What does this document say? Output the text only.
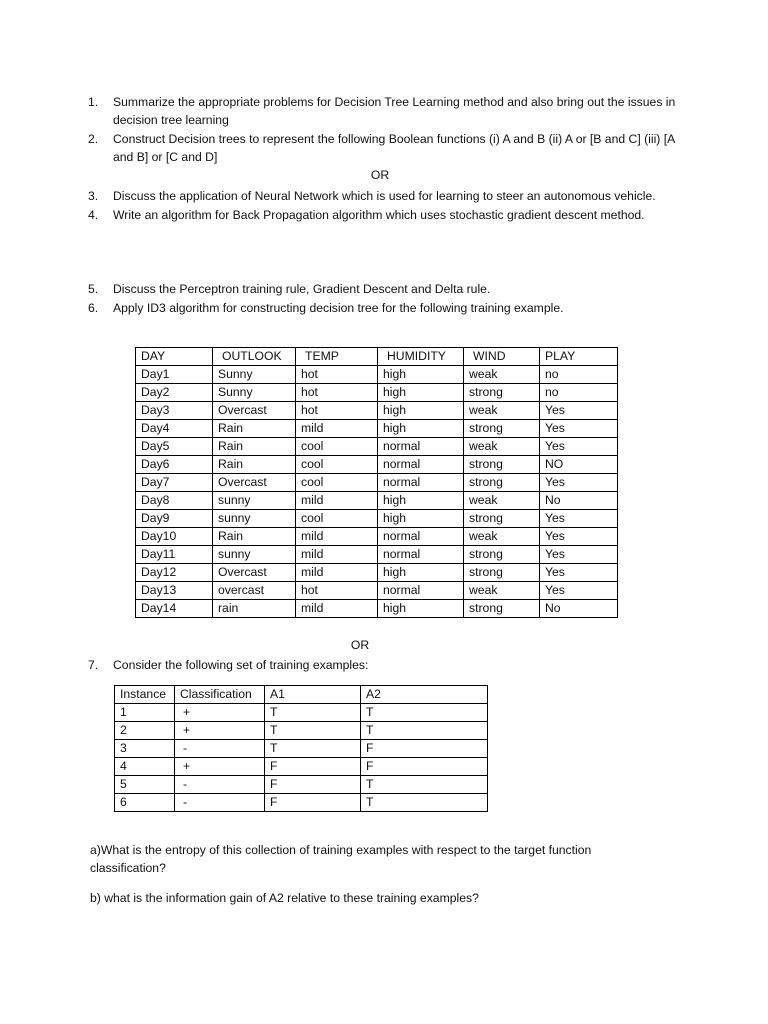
1. Summarize the appropriate problems for Decision Tree Learning method and also bring out the issues in decision tree learning
2. Construct Decision trees to represent the following Boolean functions (i) A and B (ii) A or [B and C] (iii) [A and B] or [C and D]
OR
3. Discuss the application of Neural Network which is used for learning to steer an autonomous vehicle.
4. Write an algorithm for Back Propagation algorithm which uses stochastic gradient descent method.
5. Discuss the Perceptron training rule, Gradient Descent and Delta rule.
6. Apply ID3 algorithm for constructing decision tree for the following training example.
DAY	OUTLOOK	TEMP	HUMIDITY	WIND	PLAY
Day1	Sunny	hot	high	weak	no
Day2	Sunny	hot	high	strong	no
Day3	Overcast	hot	high	weak	Yes
Day4	Rain	mild	high	strong	Yes
Day5	Rain	cool	normal	weak	Yes
Day6	Rain	cool	normal	strong	NO
Day7	Overcast	cool	normal	strong	Yes
Day8	sunny	mild	high	weak	No
Day9	sunny	cool	high	strong	Yes
Day10	Rain	mild	normal	weak	Yes
Day11	sunny	mild	normal	strong	Yes
Day12	Overcast	mild	high	strong	Yes
Day13	overcast	hot	normal	weak	Yes
Day14	rain	mild	high	strong	No
OR
7. Consider the following set of training examples:
Instance	Classification	A1	A2
1	+	T	T
2	+	T	T
3	-	T	F
4	+	F	F
5	-	F	T
6	-	F	T
a)What is the entropy of this collection of training examples with respect to the target function classification?
b) what is the information gain of A2 relative to these training examples?
